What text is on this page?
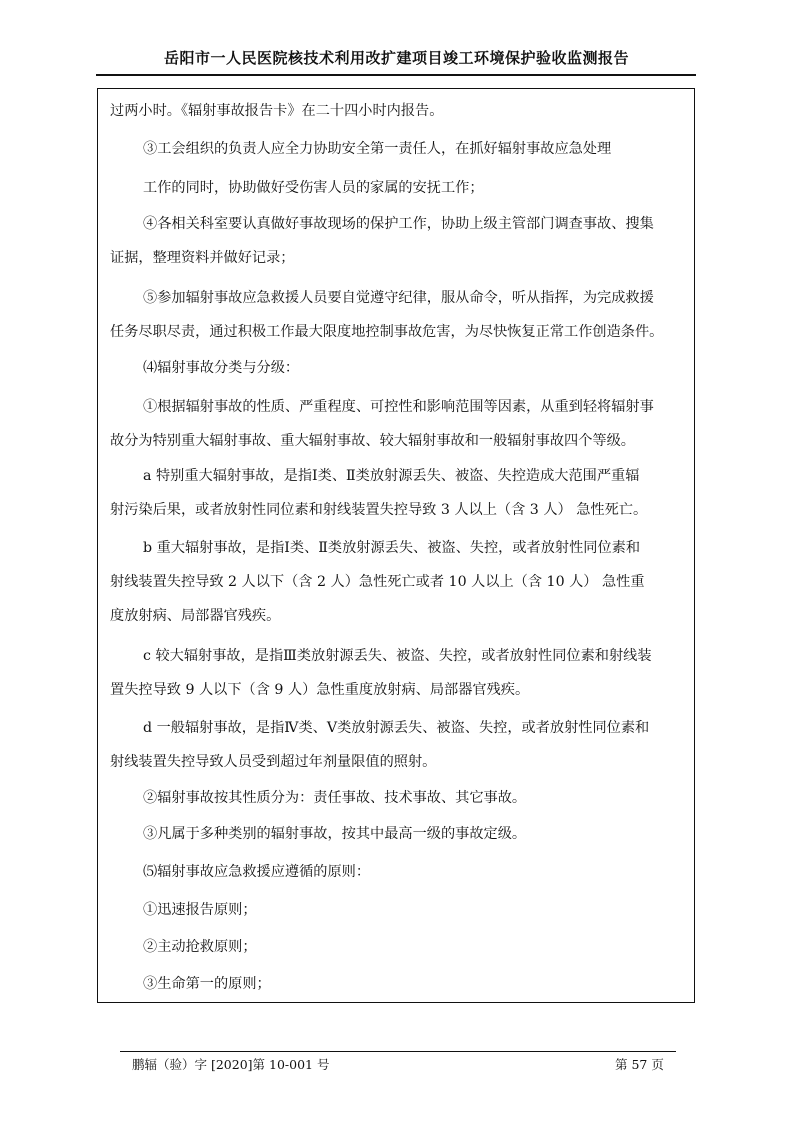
岳阳市一人民医院核技术利用改扩建项目竣工环境保护验收监测报告
过两小时。《辐射事故报告卡》在二十四小时内报告。
③工会组织的负责人应全力协助安全第一责任人，在抓好辐射事故应急处理
工作的同时，协助做好受伤害人员的家属的安抚工作；
④各相关科室要认真做好事故现场的保护工作，协助上级主管部门调查事故、搜集
证据，整理资料并做好记录；
⑤参加辐射事故应急救援人员要自觉遵守纪律，服从命令，听从指挥，为完成救援
任务尽职尽责，通过积极工作最大限度地控制事故危害，为尽快恢复正常工作创造条件。
⑷辐射事故分类与分级：
①根据辐射事故的性质、严重程度、可控性和影响范围等因素，从重到轻将辐射事
故分为特别重大辐射事故、重大辐射事故、较大辐射事故和一般辐射事故四个等级。
a 特别重大辐射事故，是指Ⅰ类、Ⅱ类放射源丢失、被盗、失控造成大范围严重辐
射污染后果，或者放射性同位素和射线装置失控导致 3 人以上（含 3 人） 急性死亡。
b 重大辐射事故，是指Ⅰ类、Ⅱ类放射源丢失、被盗、失控，或者放射性同位素和
射线装置失控导致 2 人以下（含 2 人）急性死亡或者 10 人以上（含 10 人） 急性重
度放射病、局部器官残疾。
c 较大辐射事故，是指Ⅲ类放射源丢失、被盗、失控，或者放射性同位素和射线装
置失控导致 9 人以下（含 9 人）急性重度放射病、局部器官残疾。
d 一般辐射事故，是指Ⅳ类、Ⅴ类放射源丢失、被盗、失控，或者放射性同位素和
射线装置失控导致人员受到超过年剂量限值的照射。
②辐射事故按其性质分为：责任事故、技术事故、其它事故。
③凡属于多种类别的辐射事故，按其中最高一级的事故定级。
⑸辐射事故应急救援应遵循的原则：
①迅速报告原则；
②主动抢救原则；
③生命第一的原则；
鹏辐（验）字 [2020]第 10-001 号	第 57 页
